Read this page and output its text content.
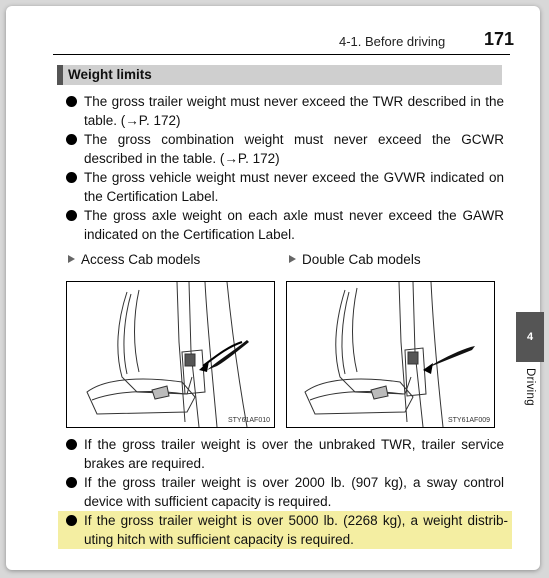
4-1. Before driving 171
Weight limits
The gross trailer weight must never exceed the TWR described in the table. (→P. 172)
The gross combination weight must never exceed the GCWR described in the table. (→P. 172)
The gross vehicle weight must never exceed the GVWR indicated on the Certification Label.
The gross axle weight on each axle must never exceed the GAWR indicated on the Certification Label.
Access Cab models	Double Cab models
STY61AF010	STY61AF009
If the gross trailer weight is over the unbraked TWR, trailer service brakes are required.
If the gross trailer weight is over 2000 lb. (907 kg), a sway control device with sufficient capacity is required.
If the gross trailer weight is over 5000 lb. (2268 kg), a weight distrib-uting hitch with sufficient capacity is required.
4
Driving
